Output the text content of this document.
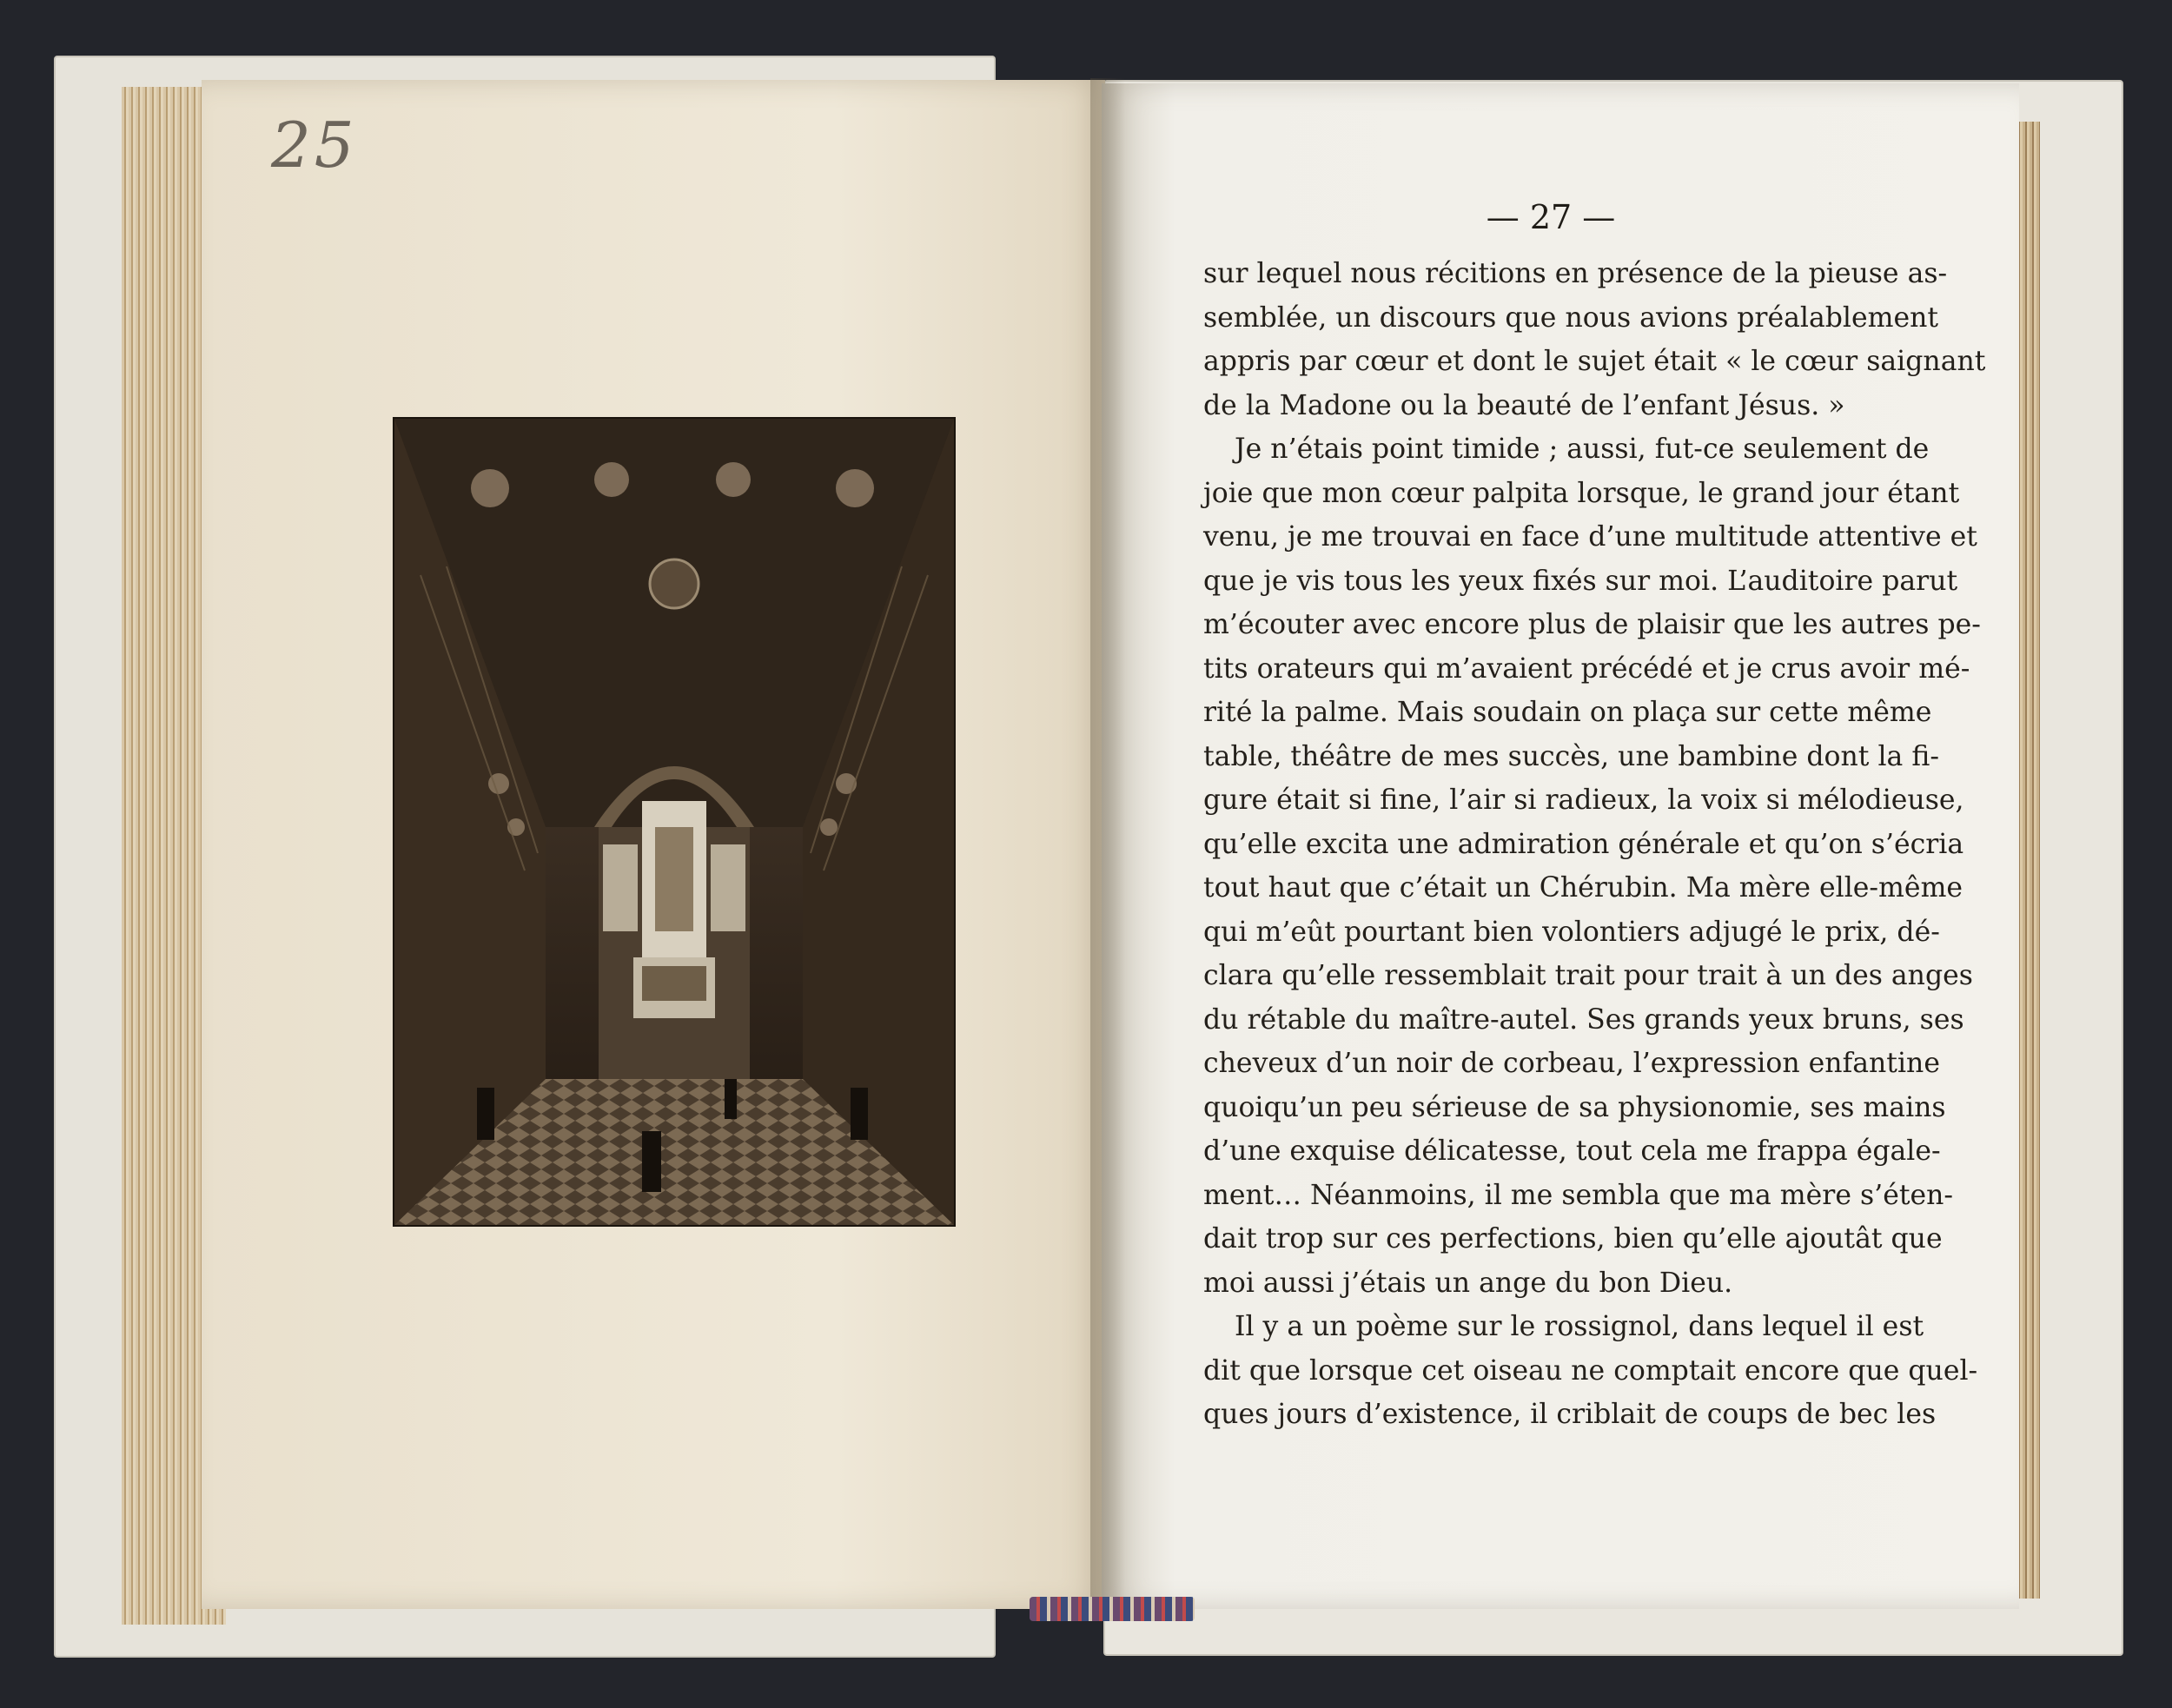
25
— 27 —
sur lequel nous récitions en présence de la pieuse as-
semblée, un discours que nous avions préalablement
appris par cœur et dont le sujet était « le cœur saignant
de la Madone ou la beauté de l’enfant Jésus. »
Je n’étais point timide ; aussi, fut-ce seulement de
joie que mon cœur palpita lorsque, le grand jour étant
venu, je me trouvai en face d’une multitude attentive et
que je vis tous les yeux fixés sur moi. L’auditoire parut
m’écouter avec encore plus de plaisir que les autres pe-
tits orateurs qui m’avaient précédé et je crus avoir mé-
rité la palme. Mais soudain on plaça sur cette même
table, théâtre de mes succès, une bambine dont la fi-
gure était si fine, l’air si radieux, la voix si mélodieuse,
qu’elle excita une admiration générale et qu’on s’écria
tout haut que c’était un Chérubin. Ma mère elle-même
qui m’eût pourtant bien volontiers adjugé le prix, dé-
clara qu’elle ressemblait trait pour trait à un des anges
du rétable du maître-autel. Ses grands yeux bruns, ses
cheveux d’un noir de corbeau, l’expression enfantine
quoiqu’un peu sérieuse de sa physionomie, ses mains
d’une exquise délicatesse, tout cela me frappa égale-
ment… Néanmoins, il me sembla que ma mère s’éten-
dait trop sur ces perfections, bien qu’elle ajoutât que
moi aussi j’étais un ange du bon Dieu.
Il y a un poème sur le rossignol, dans lequel il est
dit que lorsque cet oiseau ne comptait encore que quel-
ques jours d’existence, il criblait de coups de bec les
